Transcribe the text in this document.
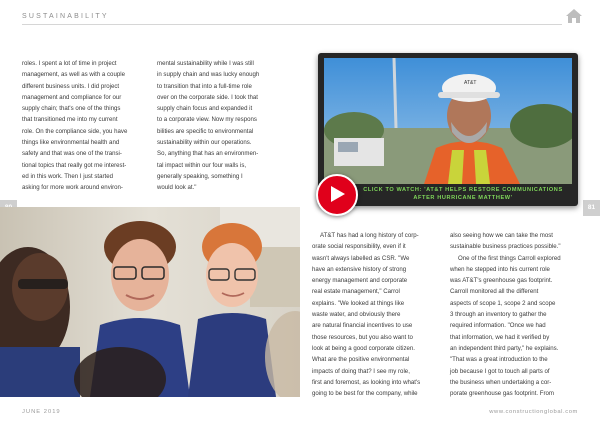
SUSTAINABILITY
roles. I spent a lot of time in project
management, as well as with a couple
different business units. I did project
management and compliance for our
supply chain; that's one of the things
that transitioned me into my current
role. On the compliance side, you have
things like environmental health and
safety and that was one of the transi-
tional topics that really got me interest-
ed in this work. Then I just started
asking for more work around environ-
mental sustainability while I was still
in supply chain and was lucky enough
to transition that into a full-time role
over on the corporate side. I took that
supply chain focus and expanded it
to a corporate view. Now my respons
bilities are specific to environmental
sustainability within our operations.
So, anything that has an environmen-
tal impact within our four walls is,
generally speaking, something I
would look at."
81
AT&T
CLICK TO WATCH: 'AT&T HELPS RESTORE COMMUNICATIONS
AFTER HURRICANE MATTHEW'
AT&T has had a long history of corp-
orate social responsibility, even if it
wasn't always labelled as CSR. "We
have an extensive history of strong
energy management and corporate
real estate management," Carrol
explains. "We looked at things like
waste water, and obviously there
are natural financial incentives to use
those resources, but you also want to
look at being a good corporate citizen.
What are the positive environmental
impacts of doing that? I see my role,
first and foremost, as looking into what's
going to be best for the company, while
also seeing how we can take the most
sustainable business practices possible."
One of the first things Carroll explored
when he stepped into his current role
was AT&T's greenhouse gas footprint.
Carroll monitored all the different
aspects of scope 1, scope 2 and scope
3 through an inventory to gather the
required information. "Once we had
that information, we had it verified by
an independent third party," he explains.
"That was a great introduction to the
job because I got to touch all parts of
the business when undertaking a cor-
porate greenhouse gas footprint. From
JUNE 2019	www.constructionglobal.com
